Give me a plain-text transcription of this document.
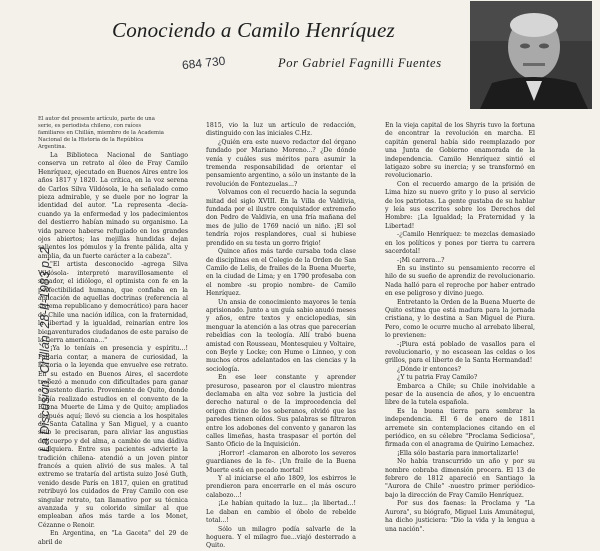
Conociendo a Camilo Henríquez
Por Gabriel Fagnilli Fuentes
684 730
La Discusión, Chillán, 28-II-1983 p. 2
El autor del presente artículo, parte de una serie, es periodista chileno, con raíces familiares en Chillán, miembro de la Academia Nacional de la Historia de la República Argentina.

La Biblioteca Nacional de Santiago conserva un retrato al óleo de Fray Camilo Henríquez, ejecutado en Buenos Aires entre los años 1817 y 1820. La crítica, en la voz serena de Carlos Silva Vildósola, le ha señalado como pieza admirable, y se duele por no lograr la identidad del autor. "La representa -decía- cuando ya la enfermedad y los padecimientos del destierro habían minado su organismo. La vida parece haberse refugiado en los grandes ojos abiertos; las mejillas hundidas dejan salientes los pómulos y la frente pálida, alta y amplia, da un fuerte carácter a la cabeza".

"El artista desconocido -agrega Silva Vildósola- interpretó maravillosamente el sonador, el idiólogo, el optimista con fe en la perfectibilidad humana, que confiaba en la aplicación de aquellas doctrinas (referencia al sistema republicano y democrático) para hacer de Chile una nación idílica, con la fraternidad, la libertad y la igualdad, reinarían entre los bienaventurados ciudadanos de este paraíso de la tierra americana..."

¡Ya lo teníais en presencia y espíritu...! Faltaria contar, a manera de curiosidad, la historia o la leyenda que envuelve ese retrato. En su estado en Buenos Aires, el sacerdote tropezó a menudo con dificultades para ganar el sustento diario. Proveniente de Quito, donde había realizado estudios en el convento de la Buena Muerte de Lima y de Quito; ampliados después aquí; llevó su ciencia a los hospitales de Santa Catalina y San Miguel, y a cuanto sitio le precisaran, para aliviar las angustias del cuerpo y del alma, a cambio de una dádiva cualquiera. Entre sus pacientes -advierte la tradición chilena- atendió a un joven pintor francés a quien alivió de sus males. A tal extremo se trataría del artista suizo José Guth, venido desde París en 1817, quien en gratitud retribuyó los cuidados de Fray Camilo con ese singular retrato, tan llamativo por su técnica avanzada y su colorido similar al que empleaban años más tarde a los Monet, Cézanne o Renoir.

En Argentina, en "La Gaceta" del 29 de abril de

1815, vio la luz un artículo de redacción, distinguido con las iniciales C.Hz.

¿Quién era este nuevo redactor del órgano fundado por Mariano Moreno...? ¿De dónde venía y cuáles sus méritos para asumir la tremenda responsabilidad de orientar el pensamiento argentino, a sólo un instante de la revolución de Fontezuelas...?

Volvamos con el recuerdo hacia la segunda mitad del siglo XVIII. En la Villa de Valdivia, fundada por el ilustre conquistador extremeño don Pedro de Valdivia, en una fría mañana del mes de julio de 1769 nació un niño. ¡El sol tendría rojos resplandores, cual si hubiese prendido en su testa un gorro frigio!

Quince años más tarde cursaba toda clase de disciplinas en el Colegio de la Orden de San Camilo de Lelis, de frailes de la Buena Muerte, en la ciudad de Lima; y en 1790 profesaba con el nombre -su propio nombre- de Camilo Henríquez.

Un ansia de conocimiento mayores le tenía aprisionado. Junto a un guía sabio anudó meses y años, entre textos y enciclopedias, sin menguar la atención a las otras que parecerían rebeldías con la teología. Allí trabó buena amistad con Rousseau, Montesquieu y Voltaire, con Beyle y Locke; con Hume o Linneo, y con muchos otros adelantados en las ciencias y la sociología.

En ese leer constante y aprender presuroso, pasearon por el claustro mientras declamaba en alta voz sobre la justicia del derecho natural o de la improcedencia del origen divino de los soberanos, olvidó que las paredes tienen oídos. Sus palabras se filtraron entre los adobones del convento y ganaron las calles limeñas, hasta traspasar el portón del Santo Oficio de la Inquisición.

¡Horror! -clamaron en alboroto los severos guardianes de la fe-. ¡Un fraile de la Buena Muerte está en pecado mortal!

Y al iniciarse el año 1809, los esbirros le prendieron para encerrarle en el más oscuro calabozo...!

¡Le habían quitado la luz... ¡la libertad...! Le daban en cambio el óbolo de rebelde total...!

Sólo un milagro podía salvarle de la hoguera. Y el milagro fue...viajó desterrado a Quito.

En la vieja capital de los Shyris tuvo la fortuna de encontrar la revolución en marcha. El capitán general había sido reemplazado por una Junta de Gobierno enamorada de la independencia. Camilo Henríquez sintió el latigazo sobre su inercia; y se transformó en revolucionario.

Con el recuerdo amargo de la prisión de Lima hizo su nuevo grito y lo puso al servicio de los patriotas. La gente gustaba de su hablar y leía sus escritos sobre los Derechos del Hombre: ¡La Igualdad; la Fraternidad y la Libertad!

-¿Camilo Henríquez: te mezclas demasiado en los políticos y pones por tierra tu carrera sacerdotal!

-¡Mi carrera...?

En su instinto su pensamiento recorre el hilo de su sueño de aprendiz de revolucionario. Nada halló para el reproche por haber entrado en ese peligroso y divino juego.

Entretanto la Orden de la Buena Muerte de Quito estima que está madura para la jornada cristiana, y lo destina a San Miguel de Piura. Pero, como le ocurre mucho al arrebato liberal, lo previenen:

-¡Piura está poblado de vasallos para el revolucionario, y no escasean las celdas o los grillos, para el liberto de la Santa Hermandad!

¿Dónde ir entonces?

¿Y tu patria Fray Camilo?

Embarca a Chile; su Chile inolvidable a pesar de la ausencia de años, y lo encuentra libre de la tutela española.

Es la buena tierra para sembrar la independencia. El 6 de enero de 1811 arremete sin contemplaciones citando en el periódico, en su célebre "Proclama Sediciosa", firmada con el anagrama de Quirino Lemachez.

¡Ella sólo bastaría para inmortalizarle!

No había transcurrido un año y por su nombre cobraba dimensión procera. El 13 de febrero de 1812 apareció en Santiago la "Aurora de Chile" -nuestro primer periódico- bajo la dirección de Fray Camilo Henríquez.

Por sus dos faenas: la Proclama y "La Aurora", su biógrafo, Miguel Luis Amunátegui, ha dicho justiciera: "Dio la vida y la lengua a una nación".
